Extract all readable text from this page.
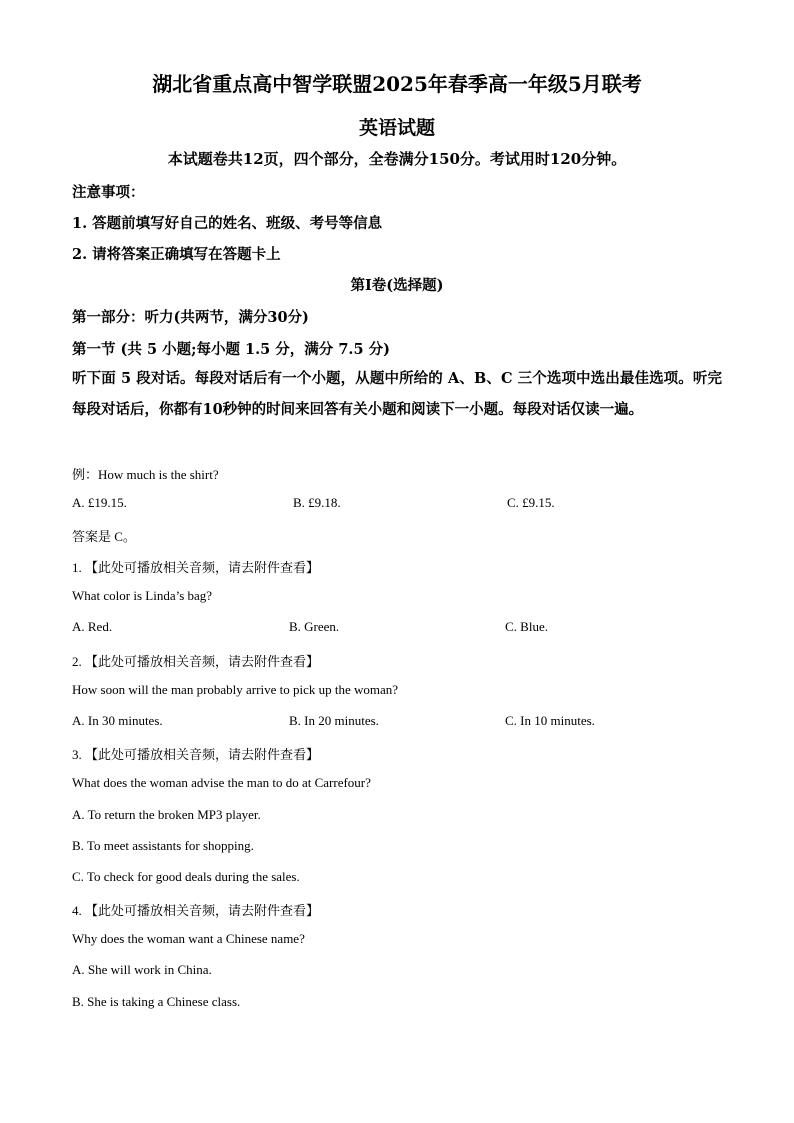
湖北省重点高中智学联盟2025年春季高一年级5月联考
英语试题
本试题卷共12页，四个部分，全卷满分150分。考试用时120分钟。
注意事项：
1. 答题前填写好自己的姓名、班级、考号等信息
2. 请将答案正确填写在答题卡上
第I卷(选择题)
第一部分：听力(共两节，满分30分)
第一节 (共 5 小题;每小题 1.5 分，满分 7.5 分)
听下面 5 段对话。每段对话后有一个小题，从题中所给的 A、B、C 三个选项中选出最佳选项。听完每段对话后，你都有10秒钟的时间来回答有关小题和阅读下一小题。每段对话仅读一遍。
例：How much is the shirt?
A. £19.15.	B. £9.18.	C. £9.15.
答案是 C。
1. 【此处可播放相关音频，请去附件查看】
What color is Linda’s bag?
A. Red.	B. Green.	C. Blue.
2. 【此处可播放相关音频，请去附件查看】
How soon will the man probably arrive to pick up the woman?
A. In 30 minutes.	B. In 20 minutes.	C. In 10 minutes.
3. 【此处可播放相关音频，请去附件查看】
What does the woman advise the man to do at Carrefour?
A. To return the broken MP3 player.
B. To meet assistants for shopping.
C. To check for good deals during the sales.
4. 【此处可播放相关音频，请去附件查看】
Why does the woman want a Chinese name?
A. She will work in China.
B. She is taking a Chinese class.
